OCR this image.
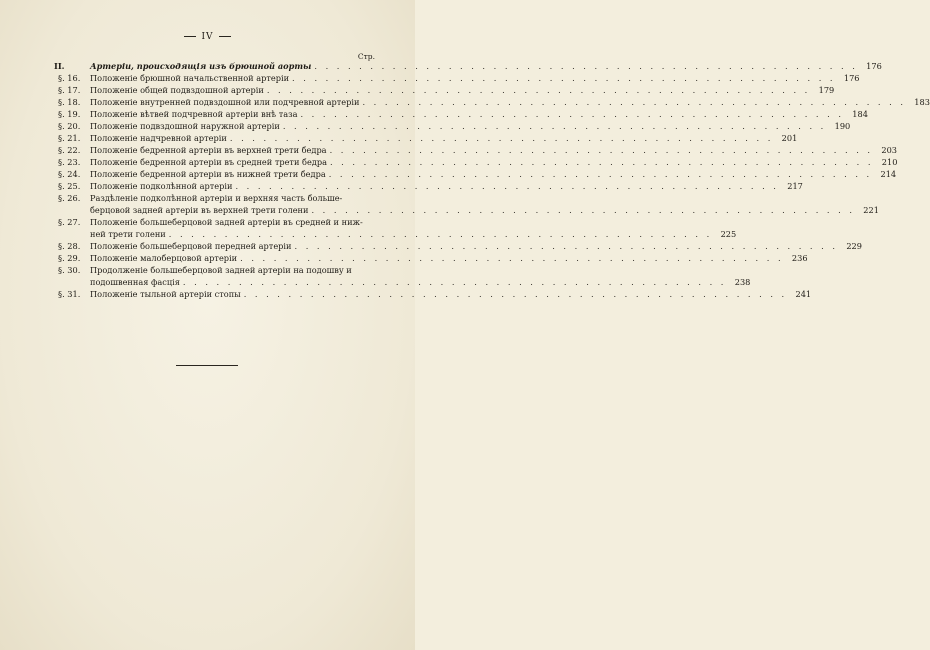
IV
Стр.
II.	Артеріи, происходящія изъ брюшной аорты . . .	176
§. 16.	Положеніе брюшной начальственной артеріи . . .	176
§. 17.	Положеніе общей подвздошной артеріи . . .	179
§. 18.	Положеніе внутренней подвздошной или подчревной артеріи . . .	183
§. 19.	Положеніе вѣтвей подчревной артеріи внѣ таза . . .	184
§. 20.	Положеніе подвздошной наружной артеріи . . .	190
§. 21.	Положеніе надчревной артеріи . . .	201
§. 22.	Положеніе бедренной артеріи въ верхней трети бедра . . .	203
§. 23.	Положеніе бедренной артеріи въ средней трети бедра . . .	210
§. 24.	Положеніе бедренной артеріи въ нижней трети бедра . . .	214
§. 25.	Положеніе подколѣнной артеріи . . .	217
§. 26.	Раздѣленіе подколѣнной артеріи и верхняя часть больше-
берцовой задней артеріи въ верхней трети голени . . .	221
§. 27.	Положеніе большеберцовой задней артеріи въ средней и ниж-
ней трети голени . . .	225
§. 28.	Положеніе большеберцовой передней артеріи . . .	229
§. 29.	Положеніе малоберцовой артеріи . . .	236
§. 30.	Продолженіе большеберцовой задней артеріи на подошву и
подошвенная фасція . . .	238
§. 31.	Положеніе тыльной артеріи стопы . . .	241
